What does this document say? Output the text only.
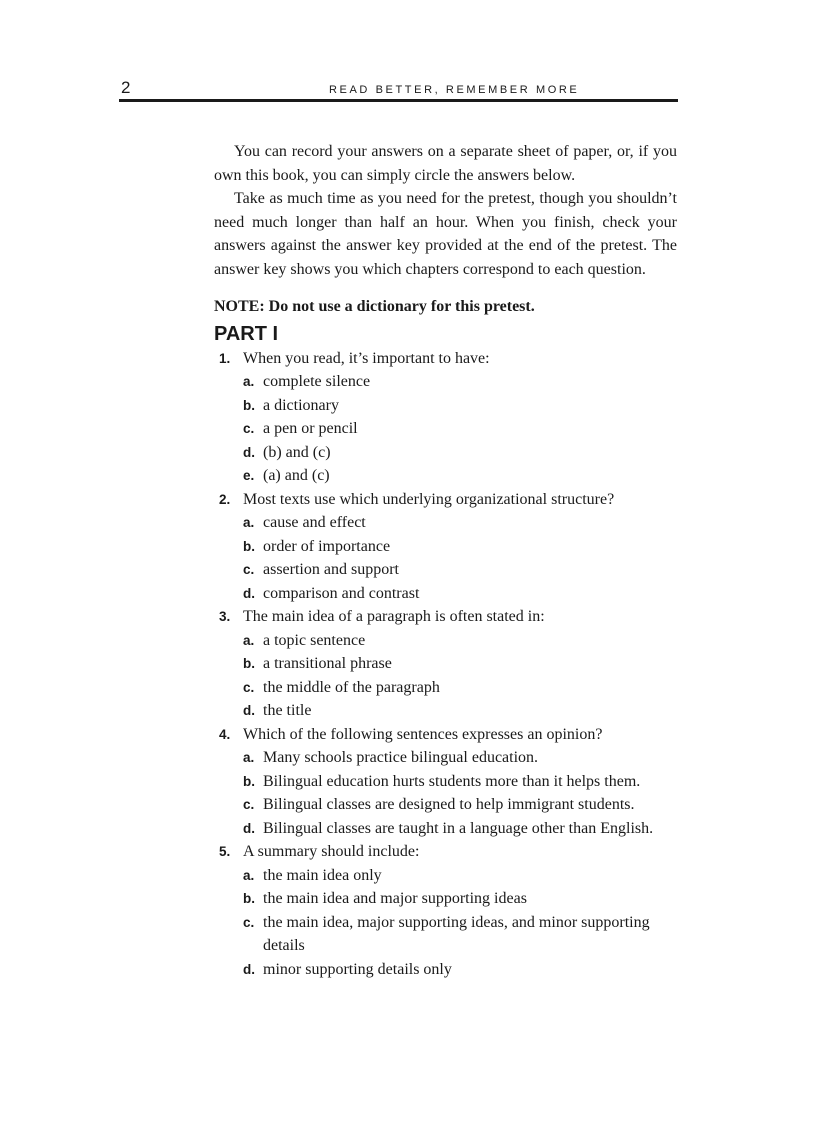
2	READ BETTER, REMEMBER MORE

You can record your answers on a separate sheet of paper, or, if you own this book, you can simply circle the answers below.

Take as much time as you need for the pretest, though you shouldn’t need much longer than half an hour. When you finish, check your answers against the answer key provided at the end of the pretest. The answer key shows you which chapters correspond to each question.

NOTE: Do not use a dictionary for this pretest.

PART I
1. When you read, it’s important to have:
a. complete silence
b. a dictionary
c. a pen or pencil
d. (b) and (c)
e. (a) and (c)
2. Most texts use which underlying organizational structure?
a. cause and effect
b. order of importance
c. assertion and support
d. comparison and contrast
3. The main idea of a paragraph is often stated in:
a. a topic sentence
b. a transitional phrase
c. the middle of the paragraph
d. the title
4. Which of the following sentences expresses an opinion?
a. Many schools practice bilingual education.
b. Bilingual education hurts students more than it helps them.
c. Bilingual classes are designed to help immigrant students.
d. Bilingual classes are taught in a language other than English.
5. A summary should include:
a. the main idea only
b. the main idea and major supporting ideas
c. the main idea, major supporting ideas, and minor supporting details
d. minor supporting details only
